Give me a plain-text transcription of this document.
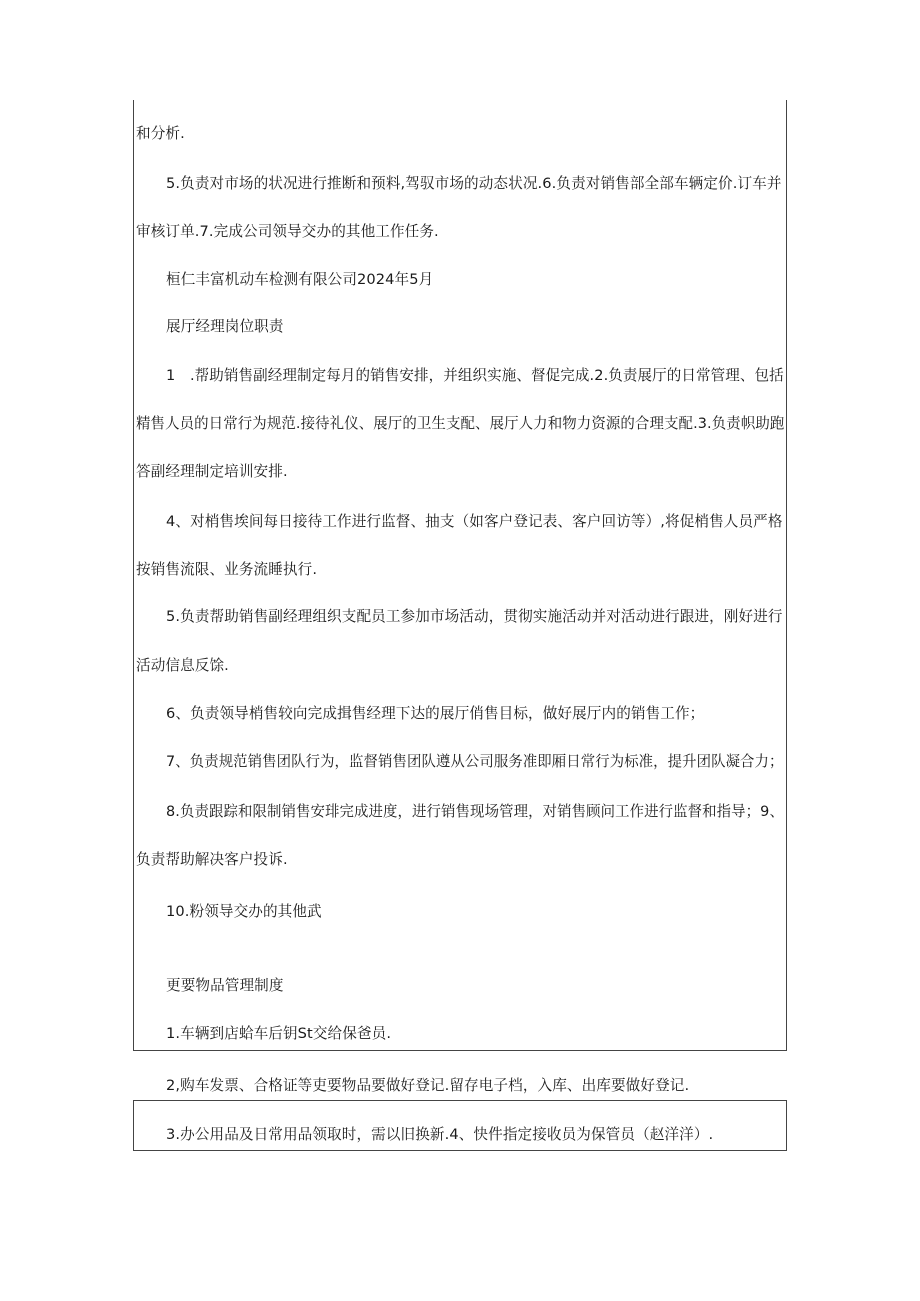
和分析.
5.负责对市场的状况进行推断和预料,驾驭市场的动态状况.6.负责对销售部全部车辆定价.订车并
审核订单.7.完成公司领导交办的其他工作任务.
桓仁丰富机动车检测有限公司2024年5月
展厅经理岗位职责
1　.帮助销售副经理制定每月的销售安排，并组织实施、督促完成.2.负责展厅的日常管理、包括
精售人员的日常行为规范.接待礼仪、展厅的卫生支配、展厅人力和物力资源的合理支配.3.负责帜助跑
答副经理制定培训安排.
4、对梢售埃间每日接待工作进行监督、抽支（如客户登记表、客户回访等）,将促梢售人员严格
按销售流限、业务流睡执行.
5.负责帮助销售副经理组织支配员工参加市场活动，贯彻实施活动并对活动进行跟进，刚好进行
活动信息反馀.
6、负责领导梢售较向完成揖售经理下达的展厅俏售目标，做好展厅内的销售工作；
7、负责规范销售团队行为，监督销售团队遵从公司服务准即厢日常行为标准，提升团队凝合力；
8.负责跟踪和限制销售安琲完成进度，进行销售现场管理，对销售顾问工作进行监督和指导；9、
负责帮助解决客户投诉.
10.粉领导交办的其他武
更要物品管理制度
1.车辆到店蛤车后钥St交给保爸员.
2,购车发票、合格证等吏要物品要做好登记.留存电子档，入库、出库要做好登记.
3.办公用品及日常用品领取时，需以旧换新.4、快件指定接收员为保管员（赵洋洋）.
